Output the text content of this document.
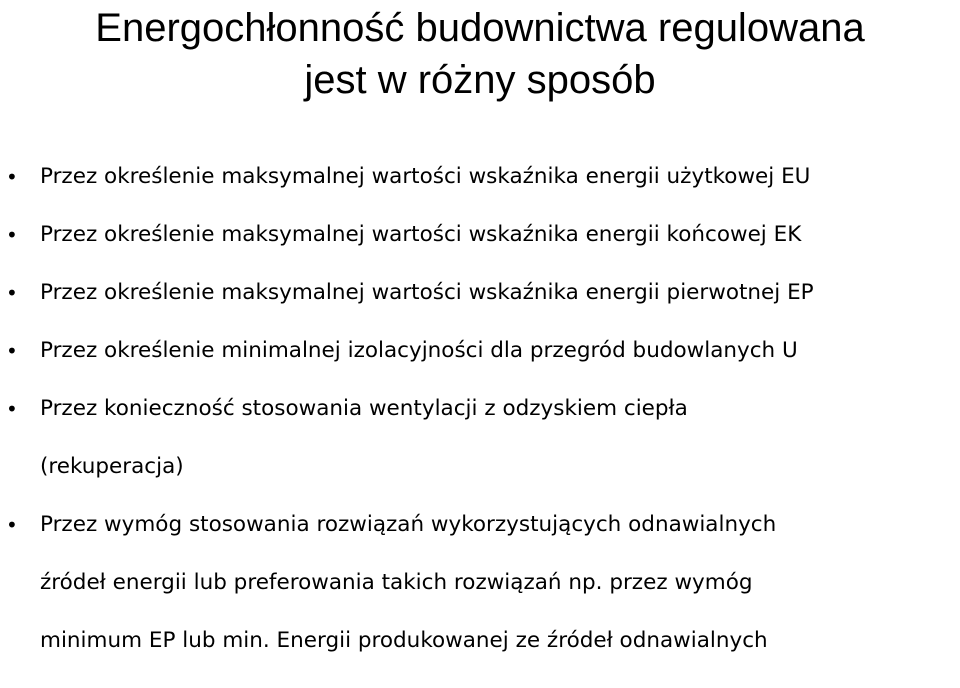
Energochłonność budownictwa regulowana
jest w różny sposób
• Przez określenie maksymalnej wartości wskaźnika energii użytkowej EU
• Przez określenie maksymalnej wartości wskaźnika energii końcowej EK
• Przez określenie maksymalnej wartości wskaźnika energii pierwotnej EP
• Przez określenie minimalnej izolacyjności dla przegród budowlanych U
• Przez konieczność stosowania wentylacji z odzyskiem ciepła
(rekuperacja)
• Przez wymóg stosowania rozwiązań wykorzystujących odnawialnych
źródeł energii lub preferowania takich rozwiązań np. przez wymóg
minimum EP lub min. Energii produkowanej ze źródeł odnawialnych
